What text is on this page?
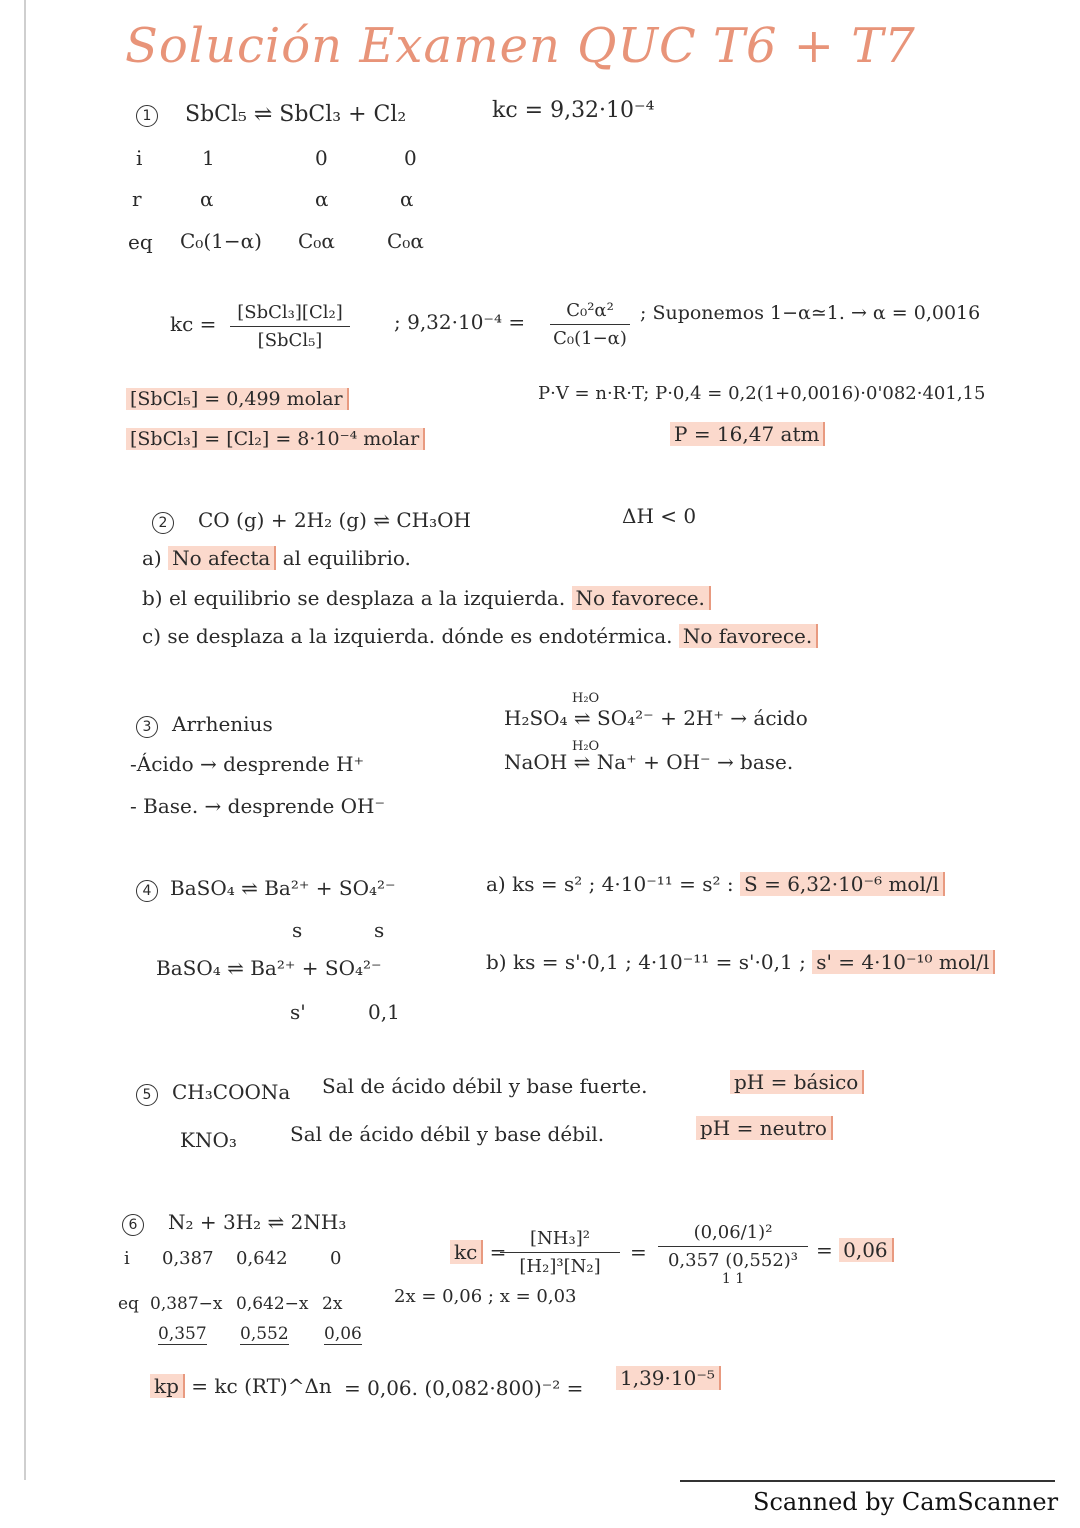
Solución Examen QUC T6 + T7
1 SbCl₅ ⇌ SbCl₃ + Cl₂	kc = 9,32·10⁻⁴
i	1	0	0
r	α	α	α
eq C₀(1−α) C₀α	C₀α
kc =	[SbCl₃][Cl₂]
[SbCl₅]
; 9,32·10⁻⁴ =	C₀²α²
C₀(1−α)
; Suponemos 1−α≃1. → α = 0,0016
[SbCl₅] = 0,499 molar
[SbCl₃] = [Cl₂] = 8·10⁻⁴ molar
P·V = n·R·T; P·0,4 = 0,2(1+0,0016)·0'082·401,15
P = 16,47 atm
2	CO (g) + 2H₂ (g) ⇌ CH₃OH	ΔH < 0
a) No afecta al equilibrio.
b) el equilibrio se desplaza a la izquierda. No favorece.
c) se desplaza a la izquierda. dónde es endotérmica. No favorece.
3	Arrhenius
-Ácido → desprende H⁺
- Base. → desprende OH⁻
H₂O
H₂SO₄ ⇌ SO₄²⁻ + 2H⁺ → ácido
H₂O
NaOH ⇌ Na⁺ + OH⁻ → base.
4 BaSO₄ ⇌ Ba²⁺ + SO₄²⁻
s	s
BaSO₄ ⇌ Ba²⁺ + SO₄²⁻
s'	0,1
a) ks = s² ; 4·10⁻¹¹ = s² : S = 6,32·10⁻⁶ mol/l
b) ks = s'·0,1 ; 4·10⁻¹¹ = s'·0,1 ; s' = 4·10⁻¹⁰ mol/l
5	CH₃COONa Sal de ácido débil y base fuerte.	pH = básico
KNO₃	Sal de ácido débil y base débil.	pH = neutro
6	N₂ + 3H₂ ⇌ 2NH₃
i 0,387 0,642 0
eq 0,387−x 0,642−x 2x
0,357 0,552 0,06
kc =
[NH₃]²
[H₂]³[N₂]
=
(0,06/1)²
0,357 (0,552)³
1 1
= 0,06
2x = 0,06 ; x = 0,03
kp = kc (RT)^Δn = 0,06. (0,082·800)⁻² = 1,39·10⁻⁵
Scanned by CamScanner
